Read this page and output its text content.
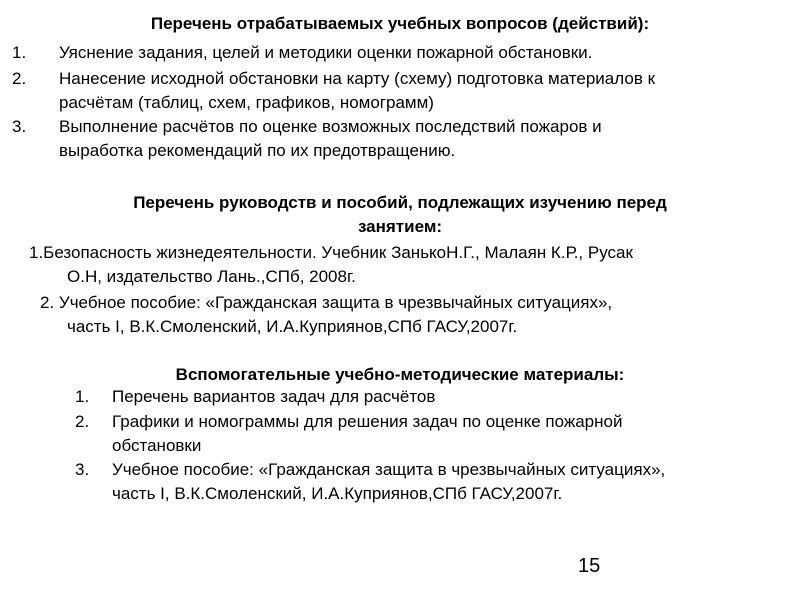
Перечень отрабатываемых учебных вопросов (действий):
1. Уяснение задания, целей и методики оценки пожарной обстановки.
2. Нанесение исходной обстановки на карту (схему) подготовка материалов к
расчётам (таблиц, схем, графиков, номограмм)
3. Выполнение расчётов по оценке возможных последствий пожаров и
выработка рекомендаций по их предотвращению.
Перечень руководств и пособий, подлежащих изучению перед
занятием:
1.Безопасность жизнедеятельности. Учебник ЗанькоН.Г., Малаян К.Р., Русак
О.Н, издательство Лань.,СПб, 2008г.
2. Учебное пособие: «Гражданская защита в чрезвычайных ситуациях»,
часть I, В.К.Смоленский, И.А.Куприянов,СПб ГАСУ,2007г.
Вспомогательные учебно-методические материалы:
1. Перечень вариантов задач для расчётов
2. Графики и номограммы для решения задач по оценке пожарной
обстановки
3. Учебное пособие: «Гражданская защита в чрезвычайных ситуациях»,
часть I, В.К.Смоленский, И.А.Куприянов,СПб ГАСУ,2007г.
15
